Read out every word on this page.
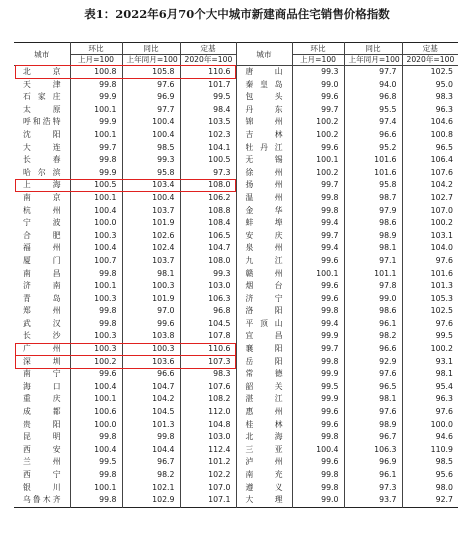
表1：2022年6月70个大中城市新建商品住宅销售价格指数
城市	环比	同比	定基	城市	环比	同比	定基
	上月=100	上年同月=100	2020年=100		上月=100	上年同月=100	2020年=100
北京	100.8	105.8	110.6	唐山	99.3	97.7	102.5
天津	99.8	97.6	101.7	秦皇岛	99.0	94.0	95.0
石家庄	99.9	96.9	99.5	包头	99.6	96.8	98.3
太原	100.1	97.7	98.4	丹东	99.7	95.5	96.3
呼和浩特	99.9	100.4	103.5	锦州	100.2	97.4	104.6
沈阳	100.1	100.4	102.3	吉林	100.2	96.6	100.8
大连	99.7	98.5	104.1	牡丹江	99.6	95.2	96.5
长春	99.8	99.3	100.5	无锡	100.1	101.6	106.4
哈尔滨	99.9	95.8	97.3	徐州	100.2	101.6	107.6
上海	100.5	103.4	108.0	扬州	99.7	95.8	104.2
南京	100.1	100.4	106.2	温州	99.8	98.7	102.7
杭州	100.4	103.7	108.8	金华	99.8	97.9	107.0
宁波	100.0	101.9	108.4	蚌埠	99.4	98.6	100.2
合肥	100.3	102.6	106.5	安庆	99.7	98.9	103.1
福州	100.4	102.4	104.7	泉州	99.4	98.1	104.0
厦门	100.7	103.7	108.0	九江	99.6	97.1	97.6
南昌	99.8	98.1	99.3	赣州	100.1	101.1	101.6
济南	100.1	100.3	103.0	烟台	99.6	97.8	101.3
青岛	100.3	101.9	106.3	济宁	99.6	99.0	105.3
郑州	99.8	97.0	96.8	洛阳	99.8	98.6	102.5
武汉	99.8	99.6	104.5	平顶山	99.4	96.1	97.6
长沙	100.3	103.8	107.8	宜昌	99.9	98.2	99.5
广州	100.3	100.3	110.6	襄阳	99.7	96.6	100.2
深圳	100.2	103.6	107.3	岳阳	99.8	92.9	93.1
南宁	99.6	96.6	98.3	常德	99.9	97.6	98.1
海口	100.4	104.7	107.6	韶关	99.5	96.5	95.4
重庆	100.1	104.2	108.2	湛江	99.9	98.1	96.3
成都	100.6	104.5	112.0	惠州	99.6	97.6	97.6
贵阳	100.0	101.3	104.8	桂林	99.6	98.9	100.0
昆明	99.8	99.8	103.0	北海	99.8	96.7	94.6
西安	100.4	104.4	112.4	三亚	100.4	106.3	110.9
兰州	99.5	96.7	101.2	泸州	99.6	96.9	98.5
西宁	99.8	98.2	102.2	南充	99.8	96.1	95.6
银川	100.1	102.1	107.0	遵义	99.8	97.3	98.0
乌鲁木齐	99.8	102.9	107.1	大理	99.0	93.7	92.7
